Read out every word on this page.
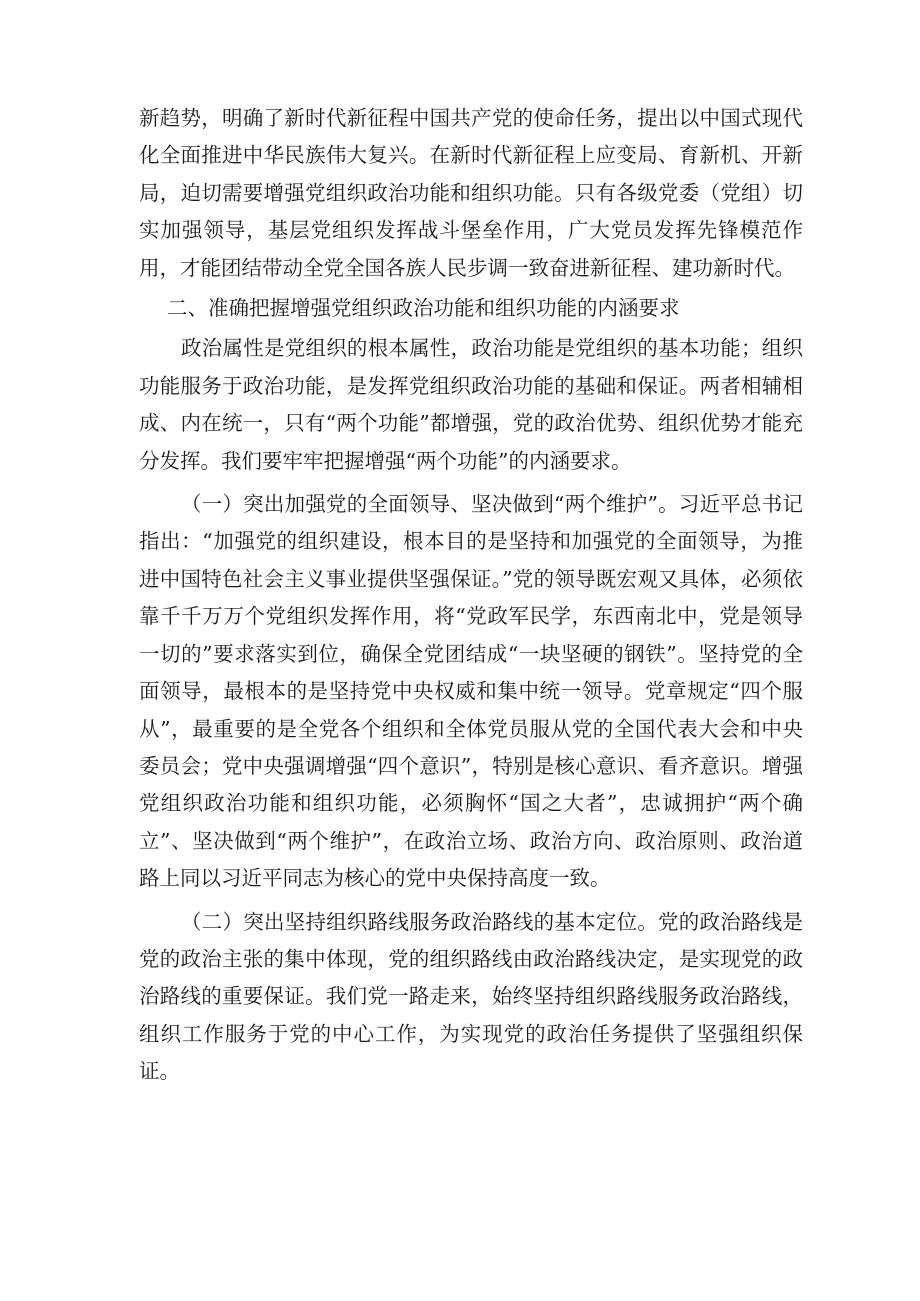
新趋势，明确了新时代新征程中国共产党的使命任务，提出以中国式现代化全面推进中华民族伟大复兴。在新时代新征程上应变局、育新机、开新局，迫切需要增强党组织政治功能和组织功能。只有各级党委（党组）切实加强领导，基层党组织发挥战斗堡垒作用，广大党员发挥先锋模范作用，才能团结带动全党全国各族人民步调一致奋进新征程、建功新时代。

二、准确把握增强党组织政治功能和组织功能的内涵要求

政治属性是党组织的根本属性，政治功能是党组织的基本功能；组织功能服务于政治功能，是发挥党组织政治功能的基础和保证。两者相辅相成、内在统一，只有“两个功能”都增强，党的政治优势、组织优势才能充分发挥。我们要牢牢把握增强“两个功能”的内涵要求。

（一）突出加强党的全面领导、坚决做到“两个维护”。习近平总书记指出：“加强党的组织建设，根本目的是坚持和加强党的全面领导，为推进中国特色社会主义事业提供坚强保证。”党的领导既宏观又具体，必须依靠千千万万个党组织发挥作用，将“党政军民学，东西南北中，党是领导一切的”要求落实到位，确保全党团结成“一块坚硬的钢铁”。坚持党的全面领导，最根本的是坚持党中央权威和集中统一领导。党章规定“四个服从”，最重要的是全党各个组织和全体党员服从党的全国代表大会和中央委员会；党中央强调增强“四个意识”，特别是核心意识、看齐意识。增强党组织政治功能和组织功能，必须胸怀“国之大者”，忠诚拥护“两个确立”、坚决做到“两个维护”，在政治立场、政治方向、政治原则、政治道路上同以习近平同志为核心的党中央保持高度一致。

（二）突出坚持组织路线服务政治路线的基本定位。党的政治路线是党的政治主张的集中体现，党的组织路线由政治路线决定，是实现党的政治路线的重要保证。我们党一路走来，始终坚持组织路线服务政治路线，组织工作服务于党的中心工作，为实现党的政治任务提供了坚强组织保证。
